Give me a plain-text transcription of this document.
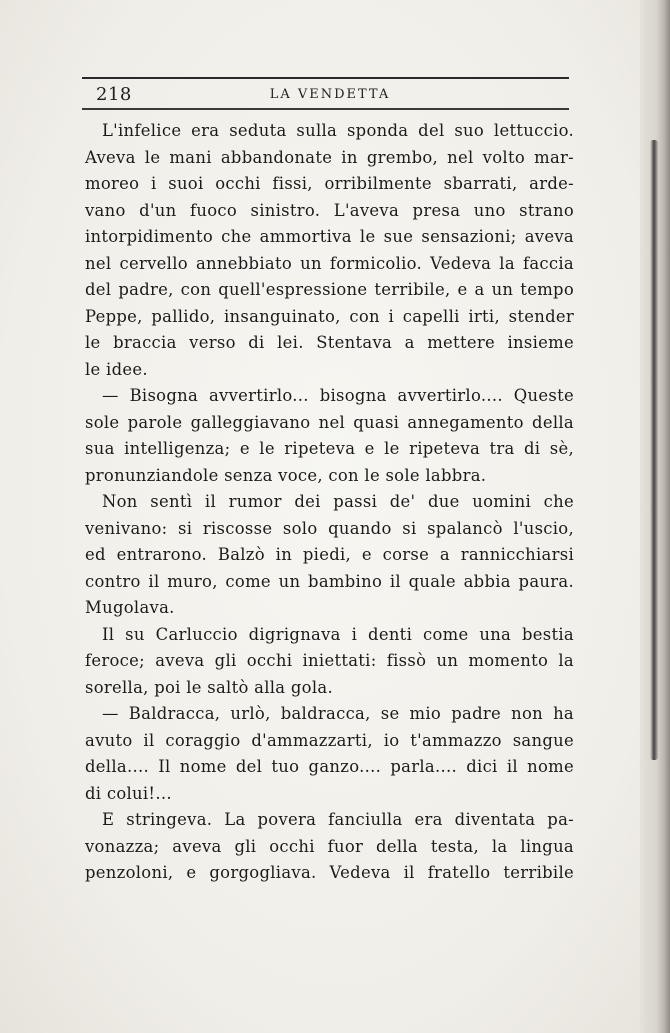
218	LA VENDETTA
L'infelice era seduta sulla sponda del suo lettuccio.
Aveva le mani abbandonate in grembo, nel volto mar-
moreo i suoi occhi fissi, orribilmente sbarrati, arde-
vano d'un fuoco sinistro. L'aveva presa uno strano
intorpidimento che ammortiva le sue sensazioni; aveva
nel cervello annebbiato un formicolio. Vedeva la faccia
del padre, con quell'espressione terribile, e a un tempo
Peppe, pallido, insanguinato, con i capelli irti, stender
le braccia verso di lei. Stentava a mettere insieme
le idee.
— Bisogna avvertirlo... bisogna avvertirlo.... Queste
sole parole galleggiavano nel quasi annegamento della
sua intelligenza; e le ripeteva e le ripeteva tra di sè,
pronunziandole senza voce, con le sole labbra.
Non sentì il rumor dei passi de' due uomini che
venivano: si riscosse solo quando si spalancò l'uscio,
ed entrarono. Balzò in piedi, e corse a rannicchiarsi
contro il muro, come un bambino il quale abbia paura.
Mugolava.
Il su Carluccio digrignava i denti come una bestia
feroce; aveva gli occhi iniettati: fissò un momento la
sorella, poi le saltò alla gola.
— Baldracca, urlò, baldracca, se mio padre non ha
avuto il coraggio d'ammazzarti, io t'ammazzo sangue
della.... Il nome del tuo ganzo.... parla.... dici il nome
di colui!...
E stringeva. La povera fanciulla era diventata pa-
vonazza; aveva gli occhi fuor della testa, la lingua
penzoloni, e gorgogliava. Vedeva il fratello terribile
